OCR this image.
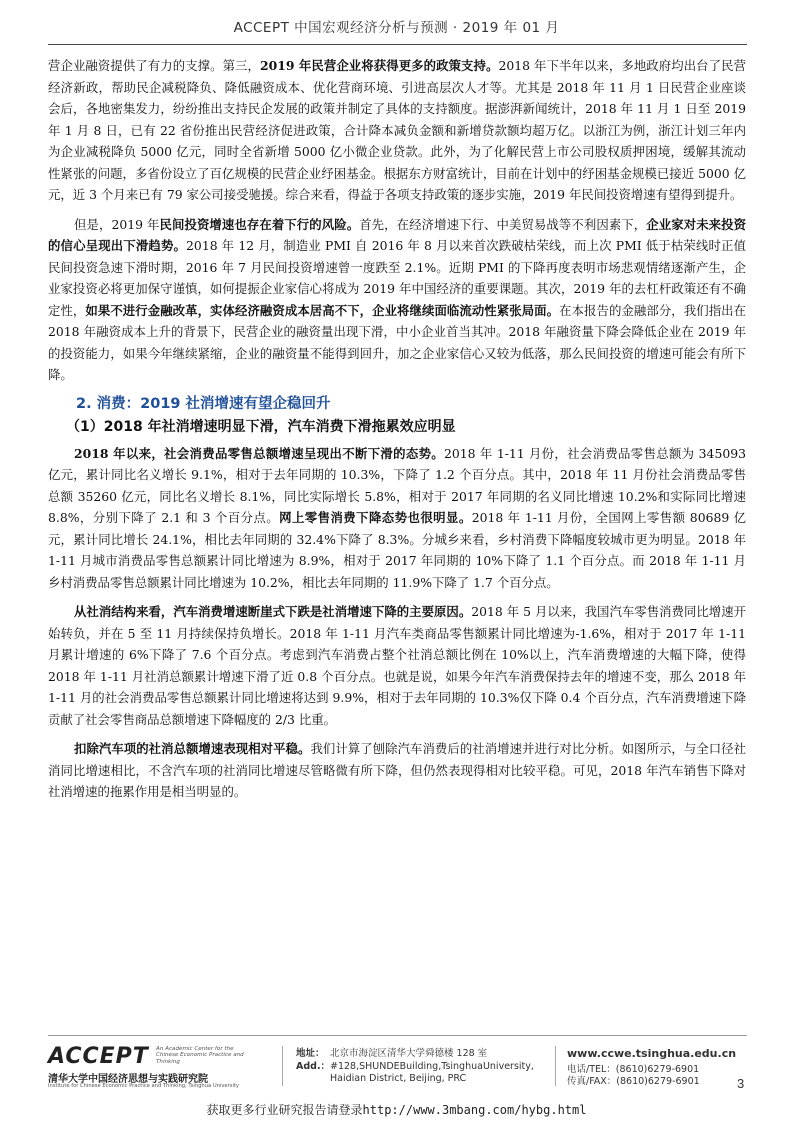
ACCEPT 中国宏观经济分析与预测 · 2019 年 01 月

营企业融资提供了有力的支撑。第三，2019 年民营企业将获得更多的政策支持。2018 年下半年以来，多地政府均出台了民营经济新政，帮助民企减税降负、降低融资成本、优化营商环境、引进高层次人才等。尤其是 2018 年 11 月 1 日民营企业座谈会后，各地密集发力，纷纷推出支持民企发展的政策并制定了具体的支持额度。据澎湃新闻统计，2018 年 11 月 1 日至 2019 年 1 月 8 日，已有 22 省份推出民营经济促进政策，合计降本减负金额和新增贷款额均超万亿。以浙江为例，浙江计划三年内为企业减税降负 5000 亿元，同时全省新增 5000 亿小微企业贷款。此外，为了化解民营上市公司股权质押困境，缓解其流动性紧张的问题，多省份设立了百亿规模的民营企业纾困基金。根据东方财富统计，目前在计划中的纾困基金规模已接近 5000 亿元，近 3 个月来已有 79 家公司接受驰援。综合来看，得益于各项支持政策的逐步实施，2019 年民间投资增速有望得到提升。

但是，2019 年民间投资增速也存在着下行的风险。首先，在经济增速下行、中美贸易战等不利因素下，企业家对未来投资的信心呈现出下滑趋势。2018 年 12 月，制造业 PMI 自 2016 年 8 月以来首次跌破枯荣线，而上次 PMI 低于枯荣线时正值民间投资急速下滑时期，2016 年 7 月民间投资增速曾一度跌至 2.1%。近期 PMI 的下降再度表明市场悲观情绪逐渐产生，企业家投资必将更加保守谨慎，如何提振企业家信心将成为 2019 年中国经济的重要课题。其次，2019 年的去杠杆政策还有不确定性，如果不进行金融改革，实体经济融资成本居高不下，企业将继续面临流动性紧张局面。在本报告的金融部分，我们指出在 2018 年融资成本上升的背景下，民营企业的融资量出现下滑，中小企业首当其冲。2018 年融资量下降会降低企业在 2019 年的投资能力，如果今年继续紧缩，企业的融资量不能得到回升，加之企业家信心又较为低落，那么民间投资的增速可能会有所下降。

2. 消费：2019 社消增速有望企稳回升
（1）2018 年社消增速明显下滑，汽车消费下滑拖累效应明显

2018 年以来，社会消费品零售总额增速呈现出不断下滑的态势。2018 年 1-11 月份，社会消费品零售总额为 345093 亿元，累计同比名义增长 9.1%，相对于去年同期的 10.3%，下降了 1.2 个百分点。其中，2018 年 11 月份社会消费品零售总额 35260 亿元，同比名义增长 8.1%，同比实际增长 5.8%，相对于 2017 年同期的名义同比增速 10.2%和实际同比增速 8.8%，分别下降了 2.1 和 3 个百分点。网上零售消费下降态势也很明显。2018 年 1-11 月份，全国网上零售额 80689 亿元，累计同比增长 24.1%，相比去年同期的 32.4%下降了 8.3%。分城乡来看，乡村消费下降幅度较城市更为明显。2018 年 1-11 月城市消费品零售总额累计同比增速为 8.9%，相对于 2017 年同期的 10%下降了 1.1 个百分点。而 2018 年 1-11 月乡村消费品零售总额累计同比增速为 10.2%，相比去年同期的 11.9%下降了 1.7 个百分点。

从社消结构来看，汽车消费增速断崖式下跌是社消增速下降的主要原因。2018 年 5 月以来，我国汽车零售消费同比增速开始转负，并在 5 至 11 月持续保持负增长。2018 年 1-11 月汽车类商品零售额累计同比增速为-1.6%，相对于 2017 年 1-11 月累计增速的 6%下降了 7.6 个百分点。考虑到汽车消费占整个社消总额比例在 10%以上，汽车消费增速的大幅下降，使得 2018 年 1-11 月社消总额累计增速下滑了近 0.8 个百分点。也就是说，如果今年汽车消费保持去年的增速不变，那么 2018 年 1-11 月的社会消费品零售总额累计同比增速将达到 9.9%，相对于去年同期的 10.3%仅下降 0.4 个百分点，汽车消费增速下降贡献了社会零售商品总额增速下降幅度的 2/3 比重。

扣除汽车项的社消总额增速表现相对平稳。我们计算了刨除汽车消费后的社消增速并进行对比分析。如图所示，与全口径社消同比增速相比，不含汽车项的社消同比增速尽管略微有所下降，但仍然表现得相对比较平稳。可见，2018 年汽车销售下降对社消增速的拖累作用是相当明显的。

ACCEPT An Academic Center for the Chinese Economic Practice and Thinking
清华大学中国经济思想与实践研究院
Institute for Chinese Economic Practice and Thinking, Tsinghua University
地址： 北京市海淀区清华大学舜德楼 128 室
Add.：#128,SHUNDEBuilding,TsinghuaUniversity,
Haidian District, Beijing, PRC
www.ccwe.tsinghua.edu.cn
电话/TEL：(8610)6279-6901
传真/FAX：(8610)6279-6901	3
获取更多行业研究报告请登录http://www.3mbang.com/hybg.html
